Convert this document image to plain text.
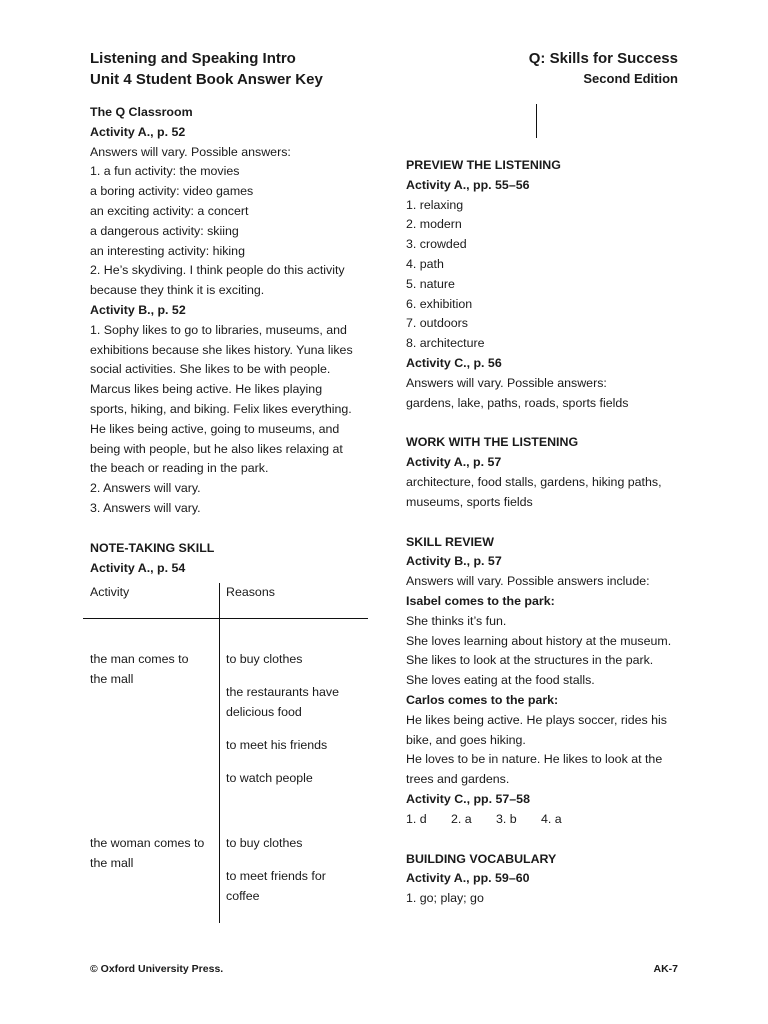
Listening and Speaking Intro
Unit 4 Student Book Answer Key
Q: Skills for Success
Second Edition
The Q Classroom
Activity A., p. 52
Answers will vary. Possible answers:
1. a fun activity: the movies
a boring activity: video games
an exciting activity: a concert
a dangerous activity: skiing
an interesting activity: hiking
2. He’s skydiving. I think people do this activity
because they think it is exciting.
Activity B., p. 52
1. Sophy likes to go to libraries, museums, and
exhibitions because she likes history. Yuna likes
social activities. She likes to be with people.
Marcus likes being active. He likes playing
sports, hiking, and biking. Felix likes everything.
He likes being active, going to museums, and
being with people, but he also likes relaxing at
the beach or reading in the park.
2. Answers will vary.
3. Answers will vary.
NOTE-TAKING SKILL
Activity A., p. 54
Activity	Reasons
the man comes to
the mall
to buy clothes
the restaurants have
delicious food
to meet his friends
to watch people
the woman comes to
the mall
to buy clothes
to meet friends for
coffee
PREVIEW THE LISTENING
Activity A., pp. 55–56
1. relaxing
2. modern
3. crowded
4. path
5. nature
6. exhibition
7. outdoors
8. architecture
Activity C., p. 56
Answers will vary. Possible answers:
gardens, lake, paths, roads, sports fields
WORK WITH THE LISTENING
Activity A., p. 57
architecture, food stalls, gardens, hiking paths,
museums, sports fields
SKILL REVIEW
Activity B., p. 57
Answers will vary. Possible answers include:
Isabel comes to the park:
She thinks it’s fun.
She loves learning about history at the museum.
She likes to look at the structures in the park.
She loves eating at the food stalls.
Carlos comes to the park:
He likes being active. He plays soccer, rides his
bike, and goes hiking.
He loves to be in nature. He likes to look at the
trees and gardens.
Activity C., pp. 57–58
1. d 2. a 3. b 4. a
BUILDING VOCABULARY
Activity A., pp. 59–60
1. go; play; go
© Oxford University Press.	AK-7
